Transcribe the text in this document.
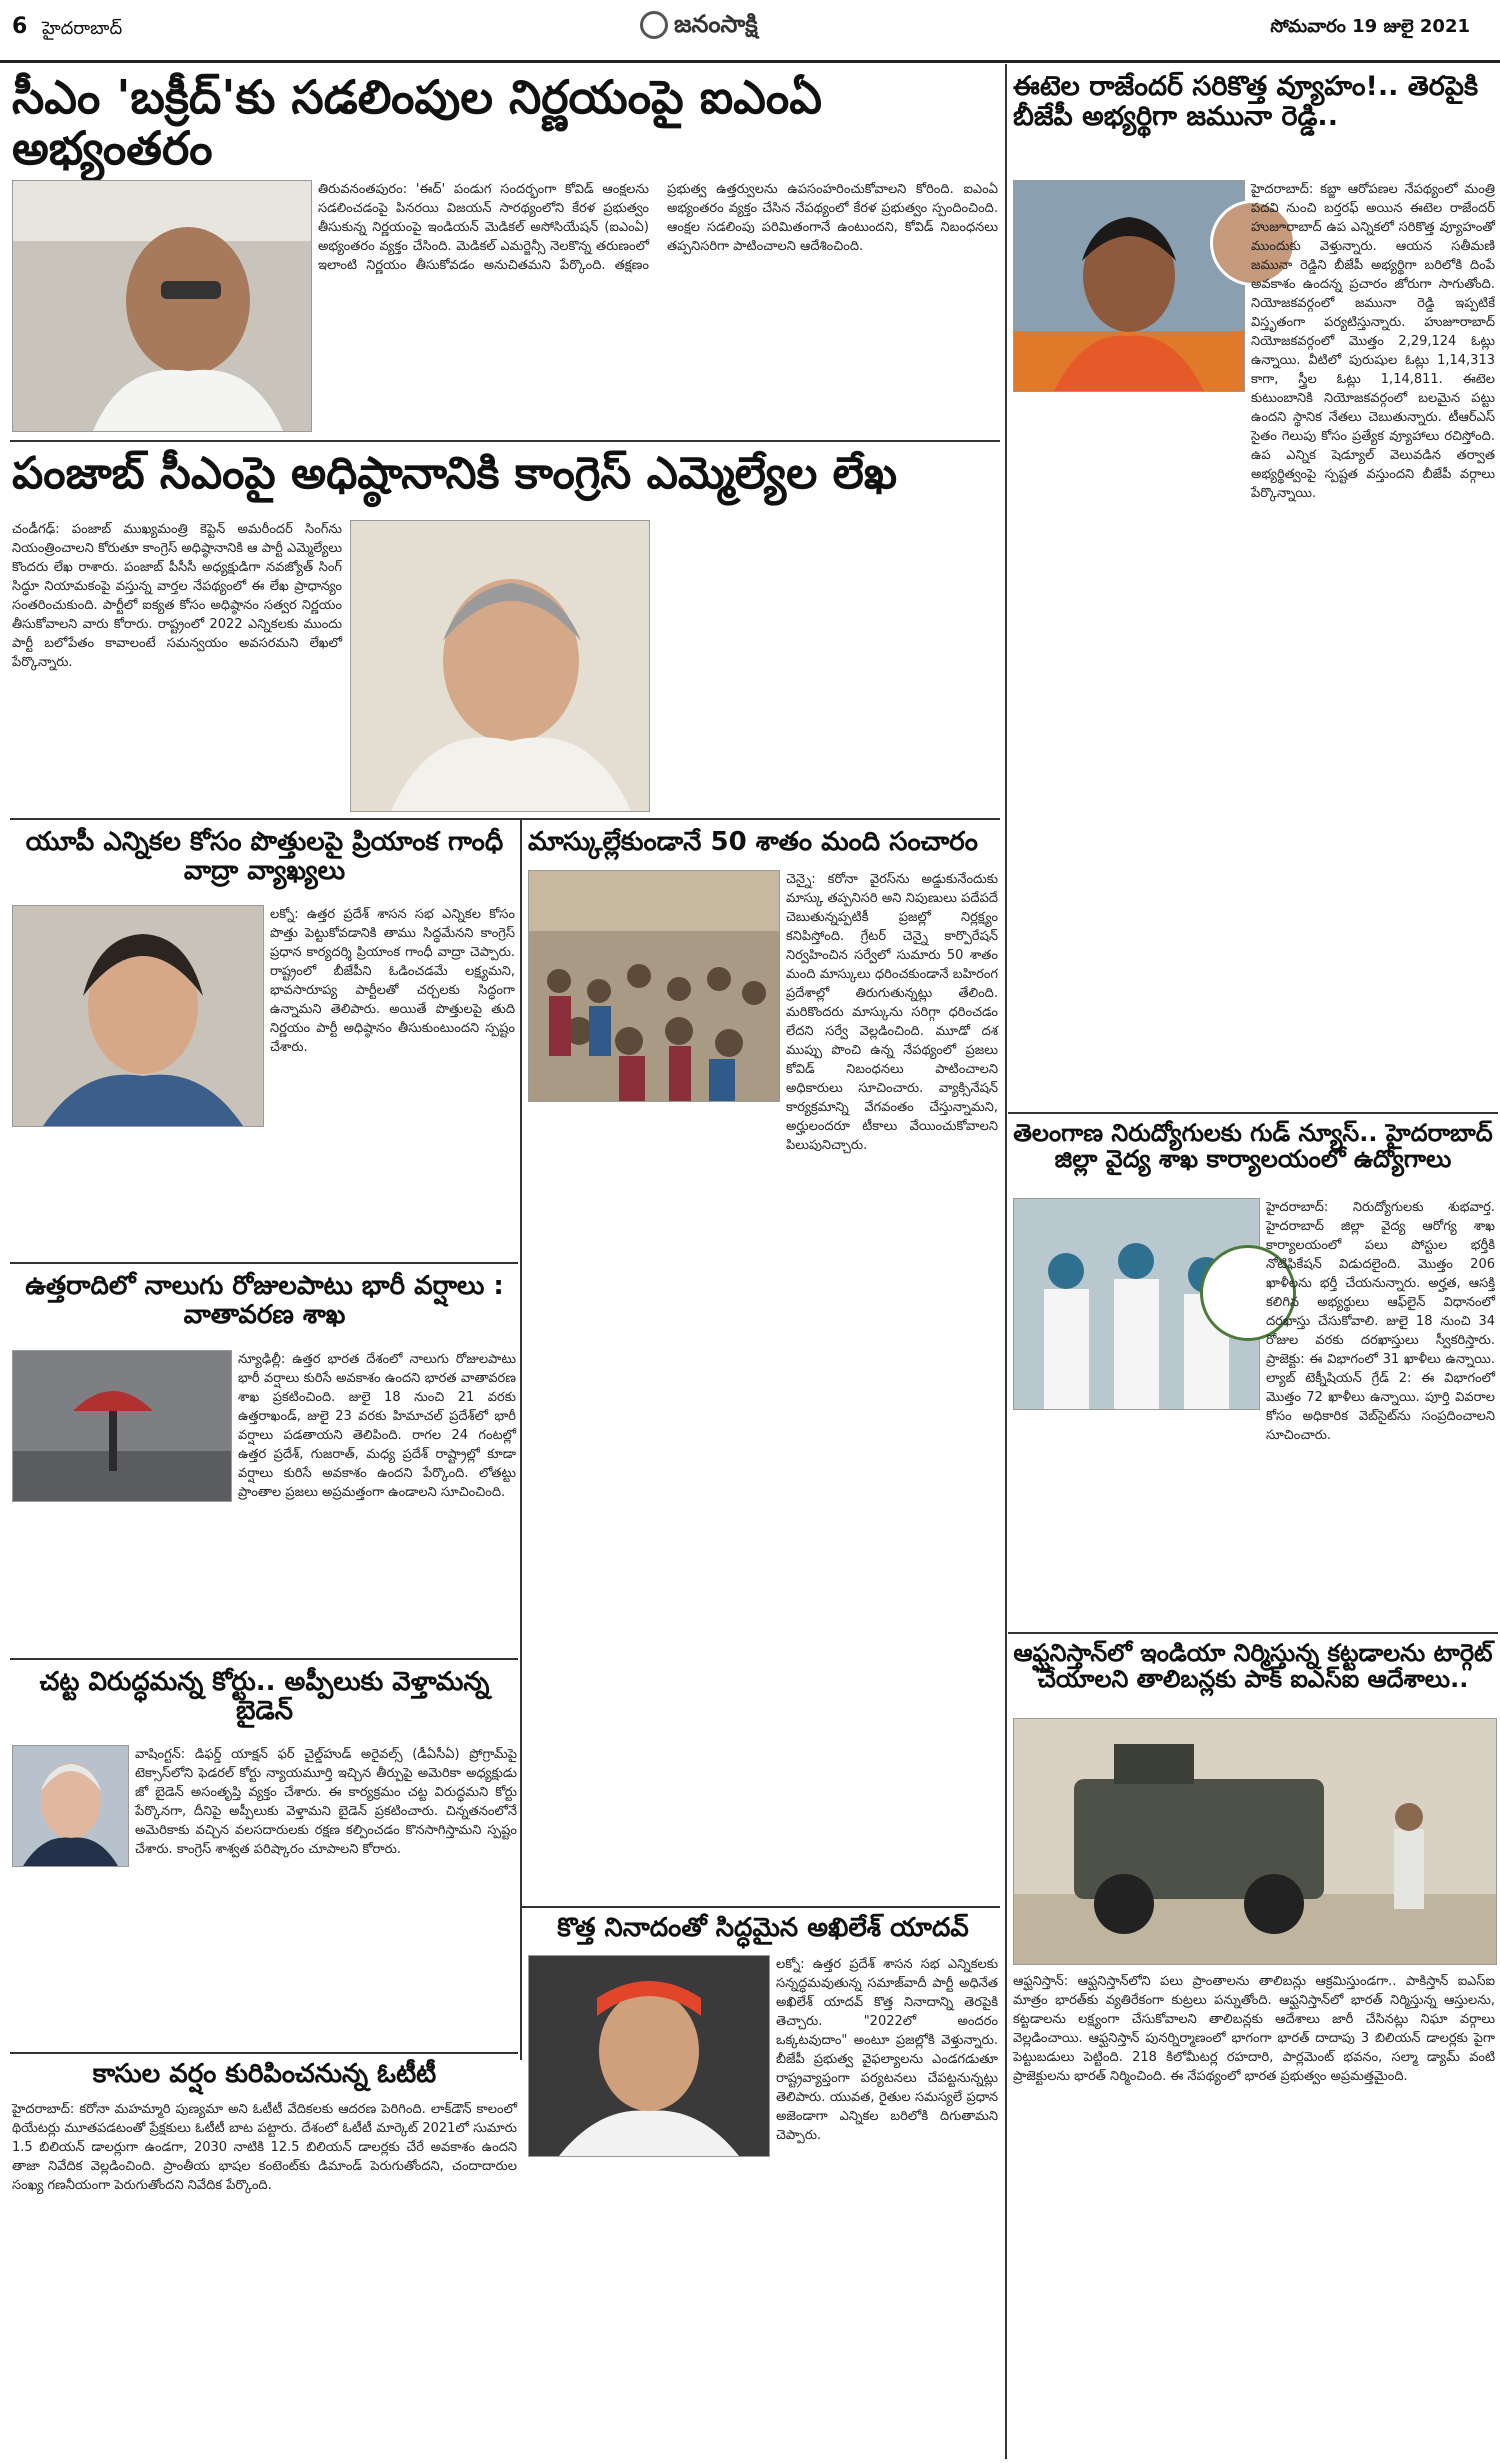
6 హైదరాబాద్	జనంసాక్షి	సోమవారం 19 జులై 2021
సీఎం 'బక్రీద్'కు సడలింపుల నిర్ణయంపై ఐఎంఏ అభ్యంతరం
తిరువనంతపురం: 'ఈద్' పండుగ సందర్భంగా కోవిడ్ ఆంక్షలను సడలించడంపై పినరయి విజయన్ సారథ్యంలోని కేరళ ప్రభుత్వం తీసుకున్న నిర్ణయంపై ఇండియన్ మెడికల్ అసోసియేషన్ (ఐఎంఏ) అభ్యంతరం వ్యక్తం చేసింది. మెడికల్ ఎమర్జెన్సీ నెలకొన్న తరుణంలో ఇలాంటి నిర్ణయం తీసుకోవడం అనుచితమని పేర్కొంది. తక్షణం ప్రభుత్వ ఉత్తర్వులను ఉపసంహరించుకోవాలని కోరింది. ఐఎంఏ అభ్యంతరం వ్యక్తం చేసిన నేపథ్యంలో కేరళ ప్రభుత్వం స్పందించింది. ఆంక్షల సడలింపు పరిమితంగానే ఉంటుందని, కోవిడ్ నిబంధనలు తప్పనిసరిగా పాటించాలని ఆదేశించింది.
పంజాబ్ సీఎంపై అధిష్ఠానానికి కాంగ్రెస్ ఎమ్మెల్యేల లేఖ
చండీగఢ్: పంజాబ్ ముఖ్యమంత్రి కెప్టెన్ అమరీందర్ సింగ్‌ను నియంత్రించాలని కోరుతూ కాంగ్రెస్ అధిష్ఠానానికి ఆ పార్టీ ఎమ్మెల్యేలు కొందరు లేఖ రాశారు. పంజాబ్ పీసీసీ అధ్యక్షుడిగా నవజ్యోత్ సింగ్ సిద్ధూ నియామకంపై వస్తున్న వార్తల నేపథ్యంలో ఈ లేఖ ప్రాధాన్యం సంతరించుకుంది. పార్టీలో ఐక్యత కోసం అధిష్ఠానం సత్వర నిర్ణయం తీసుకోవాలని వారు కోరారు. రాష్ట్రంలో 2022 ఎన్నికలకు ముందు పార్టీ బలోపేతం కావాలంటే సమన్వయం అవసరమని లేఖలో పేర్కొన్నారు.
యూపీ ఎన్నికల కోసం పొత్తులపై ప్రియాంక గాంధీ వాద్రా వ్యాఖ్యలు
లక్నో: ఉత్తర ప్రదేశ్ శాసన సభ ఎన్నికల కోసం పొత్తు పెట్టుకోవడానికి తాము సిద్ధమేనని కాంగ్రెస్ ప్రధాన కార్యదర్శి ప్రియాంక గాంధీ వాద్రా చెప్పారు. రాష్ట్రంలో బీజేపీని ఓడించడమే లక్ష్యమని, భావసారూప్య పార్టీలతో చర్చలకు సిద్ధంగా ఉన్నామని తెలిపారు. అయితే పొత్తులపై తుది నిర్ణయం పార్టీ అధిష్ఠానం తీసుకుంటుందని స్పష్టం చేశారు.
ఉత్తరాదిలో నాలుగు రోజులపాటు భారీ వర్షాలు : వాతావరణ శాఖ
న్యూఢిల్లీ: ఉత్తర భారత దేశంలో నాలుగు రోజులపాటు భారీ వర్షాలు కురిసే అవకాశం ఉందని భారత వాతావరణ శాఖ ప్రకటించింది. జులై 18 నుంచి 21 వరకు ఉత్తరాఖండ్, జులై 23 వరకు హిమాచల్ ప్రదేశ్‌లో భారీ వర్షాలు పడతాయని తెలిపింది. రాగల 24 గంటల్లో ఉత్తర ప్రదేశ్, గుజరాత్, మధ్య ప్రదేశ్ రాష్ట్రాల్లో కూడా వర్షాలు కురిసే అవకాశం ఉందని పేర్కొంది. లోతట్టు ప్రాంతాల ప్రజలు అప్రమత్తంగా ఉండాలని సూచించింది.
చట్ట విరుద్ధమన్న కోర్టు.. అప్పీలుకు వెళ్తామన్న బైడెన్
వాషింగ్టన్: డిఫర్డ్ యాక్షన్ ఫర్ చైల్డ్‌హుడ్ అరైవల్స్ (డీఏసీఏ) ప్రోగ్రామ్‌పై టెక్సాస్‌లోని ఫెడరల్ కోర్టు న్యాయమూర్తి ఇచ్చిన తీర్పుపై అమెరికా అధ్యక్షుడు జో బైడెన్ అసంతృప్తి వ్యక్తం చేశారు. ఈ కార్యక్రమం చట్ట విరుద్ధమని కోర్టు పేర్కొనగా, దీనిపై అప్పీలుకు వెళ్తామని బైడెన్ ప్రకటించారు. చిన్నతనంలోనే అమెరికాకు వచ్చిన వలసదారులకు రక్షణ కల్పించడం కొనసాగిస్తామని స్పష్టం చేశారు. కాంగ్రెస్ శాశ్వత పరిష్కారం చూపాలని కోరారు.
మాస్కుల్లేకుండానే 50 శాతం మంది సంచారం
చెన్నై: కరోనా వైరస్‌ను అడ్డుకునేందుకు మాస్కు తప్పనిసరి అని నిపుణులు పదేపదే చెబుతున్నప్పటికీ ప్రజల్లో నిర్లక్ష్యం కనిపిస్తోంది. గ్రేటర్ చెన్నై కార్పొరేషన్ నిర్వహించిన సర్వేలో సుమారు 50 శాతం మంది మాస్కులు ధరించకుండానే బహిరంగ ప్రదేశాల్లో తిరుగుతున్నట్లు తేలింది. మరికొందరు మాస్కును సరిగ్గా ధరించడం లేదని సర్వే వెల్లడించింది. మూడో దశ ముప్పు పొంచి ఉన్న నేపథ్యంలో ప్రజలు కోవిడ్ నిబంధనలు పాటించాలని అధికారులు సూచించారు. వ్యాక్సినేషన్ కార్యక్రమాన్ని వేగవంతం చేస్తున్నామని, అర్హులందరూ టీకాలు వేయించుకోవాలని పిలుపునిచ్చారు.
కొత్త నినాదంతో సిద్ధమైన అఖిలేశ్ యాదవ్
లక్నో: ఉత్తర ప్రదేశ్ శాసన సభ ఎన్నికలకు సన్నద్ధమవుతున్న సమాజ్‌వాదీ పార్టీ అధినేత అఖిలేశ్ యాదవ్ కొత్త నినాదాన్ని తెరపైకి తెచ్చారు. "2022లో అందరం ఒక్కటవుదాం" అంటూ ప్రజల్లోకి వెళ్తున్నారు. బీజేపీ ప్రభుత్వ వైఫల్యాలను ఎండగడుతూ రాష్ట్రవ్యాప్తంగా పర్యటనలు చేపట్టనున్నట్లు తెలిపారు. యువత, రైతుల సమస్యలే ప్రధాన అజెండాగా ఎన్నికల బరిలోకి దిగుతామని చెప్పారు.
కాసుల వర్షం కురిపించనున్న ఓటీటీ
హైదరాబాద్: కరోనా మహమ్మారి పుణ్యమా అని ఓటీటీ వేదికలకు ఆదరణ పెరిగింది. లాక్‌డౌన్ కాలంలో థియేటర్లు మూతపడటంతో ప్రేక్షకులు ఓటీటీ బాట పట్టారు. దేశంలో ఓటీటీ మార్కెట్ 2021లో సుమారు 1.5 బిలియన్ డాలర్లుగా ఉండగా, 2030 నాటికి 12.5 బిలియన్ డాలర్లకు చేరే అవకాశం ఉందని తాజా నివేదిక వెల్లడించింది. ప్రాంతీయ భాషల కంటెంట్‌కు డిమాండ్ పెరుగుతోందని, చందాదారుల సంఖ్య గణనీయంగా పెరుగుతోందని నివేదిక పేర్కొంది.
ఈటెల రాజేందర్ సరికొత్త వ్యూహం!.. తెరపైకి బీజేపీ అభ్యర్థిగా జమునా రెడ్డి..
హైదరాబాద్: కబ్జా ఆరోపణల నేపథ్యంలో మంత్రి పదవి నుంచి బర్తరఫ్ అయిన ఈటెల రాజేందర్ హుజూరాబాద్ ఉప ఎన్నికలో సరికొత్త వ్యూహంతో ముందుకు వెళ్తున్నారు. ఆయన సతీమణి జమునా రెడ్డిని బీజేపీ అభ్యర్థిగా బరిలోకి దింపే అవకాశం ఉందన్న ప్రచారం జోరుగా సాగుతోంది. నియోజకవర్గంలో జమునా రెడ్డి ఇప్పటికే విస్తృతంగా పర్యటిస్తున్నారు. హుజూరాబాద్ నియోజకవర్గంలో మొత్తం 2,29,124 ఓట్లు ఉన్నాయి. వీటిలో పురుషుల ఓట్లు 1,14,313 కాగా, స్త్రీల ఓట్లు 1,14,811. ఈటెల కుటుంబానికి నియోజకవర్గంలో బలమైన పట్టు ఉందని స్థానిక నేతలు చెబుతున్నారు. టీఆర్ఎస్ సైతం గెలుపు కోసం ప్రత్యేక వ్యూహాలు రచిస్తోంది. ఉప ఎన్నిక షెడ్యూల్ వెలువడిన తర్వాత అభ్యర్థిత్వంపై స్పష్టత వస్తుందని బీజేపీ వర్గాలు పేర్కొన్నాయి.
తెలంగాణ నిరుద్యోగులకు గుడ్ న్యూస్.. హైదరాబాద్ జిల్లా వైద్య శాఖ కార్యాలయంలో ఉద్యోగాలు
హైదరాబాద్: నిరుద్యోగులకు శుభవార్త. హైదరాబాద్ జిల్లా వైద్య ఆరోగ్య శాఖ కార్యాలయంలో పలు పోస్టుల భర్తీకి నోటిఫికేషన్ విడుదలైంది. మొత్తం 206 ఖాళీలను భర్తీ చేయనున్నారు. అర్హత, ఆసక్తి కలిగిన అభ్యర్థులు ఆఫ్‌లైన్ విధానంలో దరఖాస్తు చేసుకోవాలి. జులై 18 నుంచి 34 రోజుల వరకు దరఖాస్తులు స్వీకరిస్తారు. ప్రాజెక్టు: ఈ విభాగంలో 31 ఖాళీలు ఉన్నాయి. ల్యాబ్ టెక్నీషియన్ గ్రేడ్ 2: ఈ విభాగంలో మొత్తం 72 ఖాళీలు ఉన్నాయి. పూర్తి వివరాల కోసం అధికారిక వెబ్‌సైట్‌ను సంప్రదించాలని సూచించారు.
ఆఫ్ఘనిస్తాన్‌లో ఇండియా నిర్మిస్తున్న కట్టడాలను టార్గెట్ చేయాలని తాలిబన్లకు పాక్ ఐఎస్ఐ ఆదేశాలు..
ఆఫ్ఘనిస్తాన్: ఆఫ్ఘనిస్తాన్‌లోని పలు ప్రాంతాలను తాలిబన్లు ఆక్రమిస్తుండగా.. పాకిస్తాన్ ఐఎస్ఐ మాత్రం భారత్‌కు వ్యతిరేకంగా కుట్రలు పన్నుతోంది. ఆఫ్ఘనిస్తాన్‌లో భారత్ నిర్మిస్తున్న ఆస్తులను, కట్టడాలను లక్ష్యంగా చేసుకోవాలని తాలిబన్లకు ఆదేశాలు జారీ చేసినట్లు నిఘా వర్గాలు వెల్లడించాయి. ఆఫ్ఘనిస్తాన్ పునర్నిర్మాణంలో భాగంగా భారత్ దాదాపు 3 బిలియన్ డాలర్లకు పైగా పెట్టుబడులు పెట్టింది. 218 కిలోమీటర్ల రహదారి, పార్లమెంట్ భవనం, సల్మా డ్యామ్ వంటి ప్రాజెక్టులను భారత్ నిర్మించింది. ఈ నేపథ్యంలో భారత ప్రభుత్వం అప్రమత్తమైంది.
